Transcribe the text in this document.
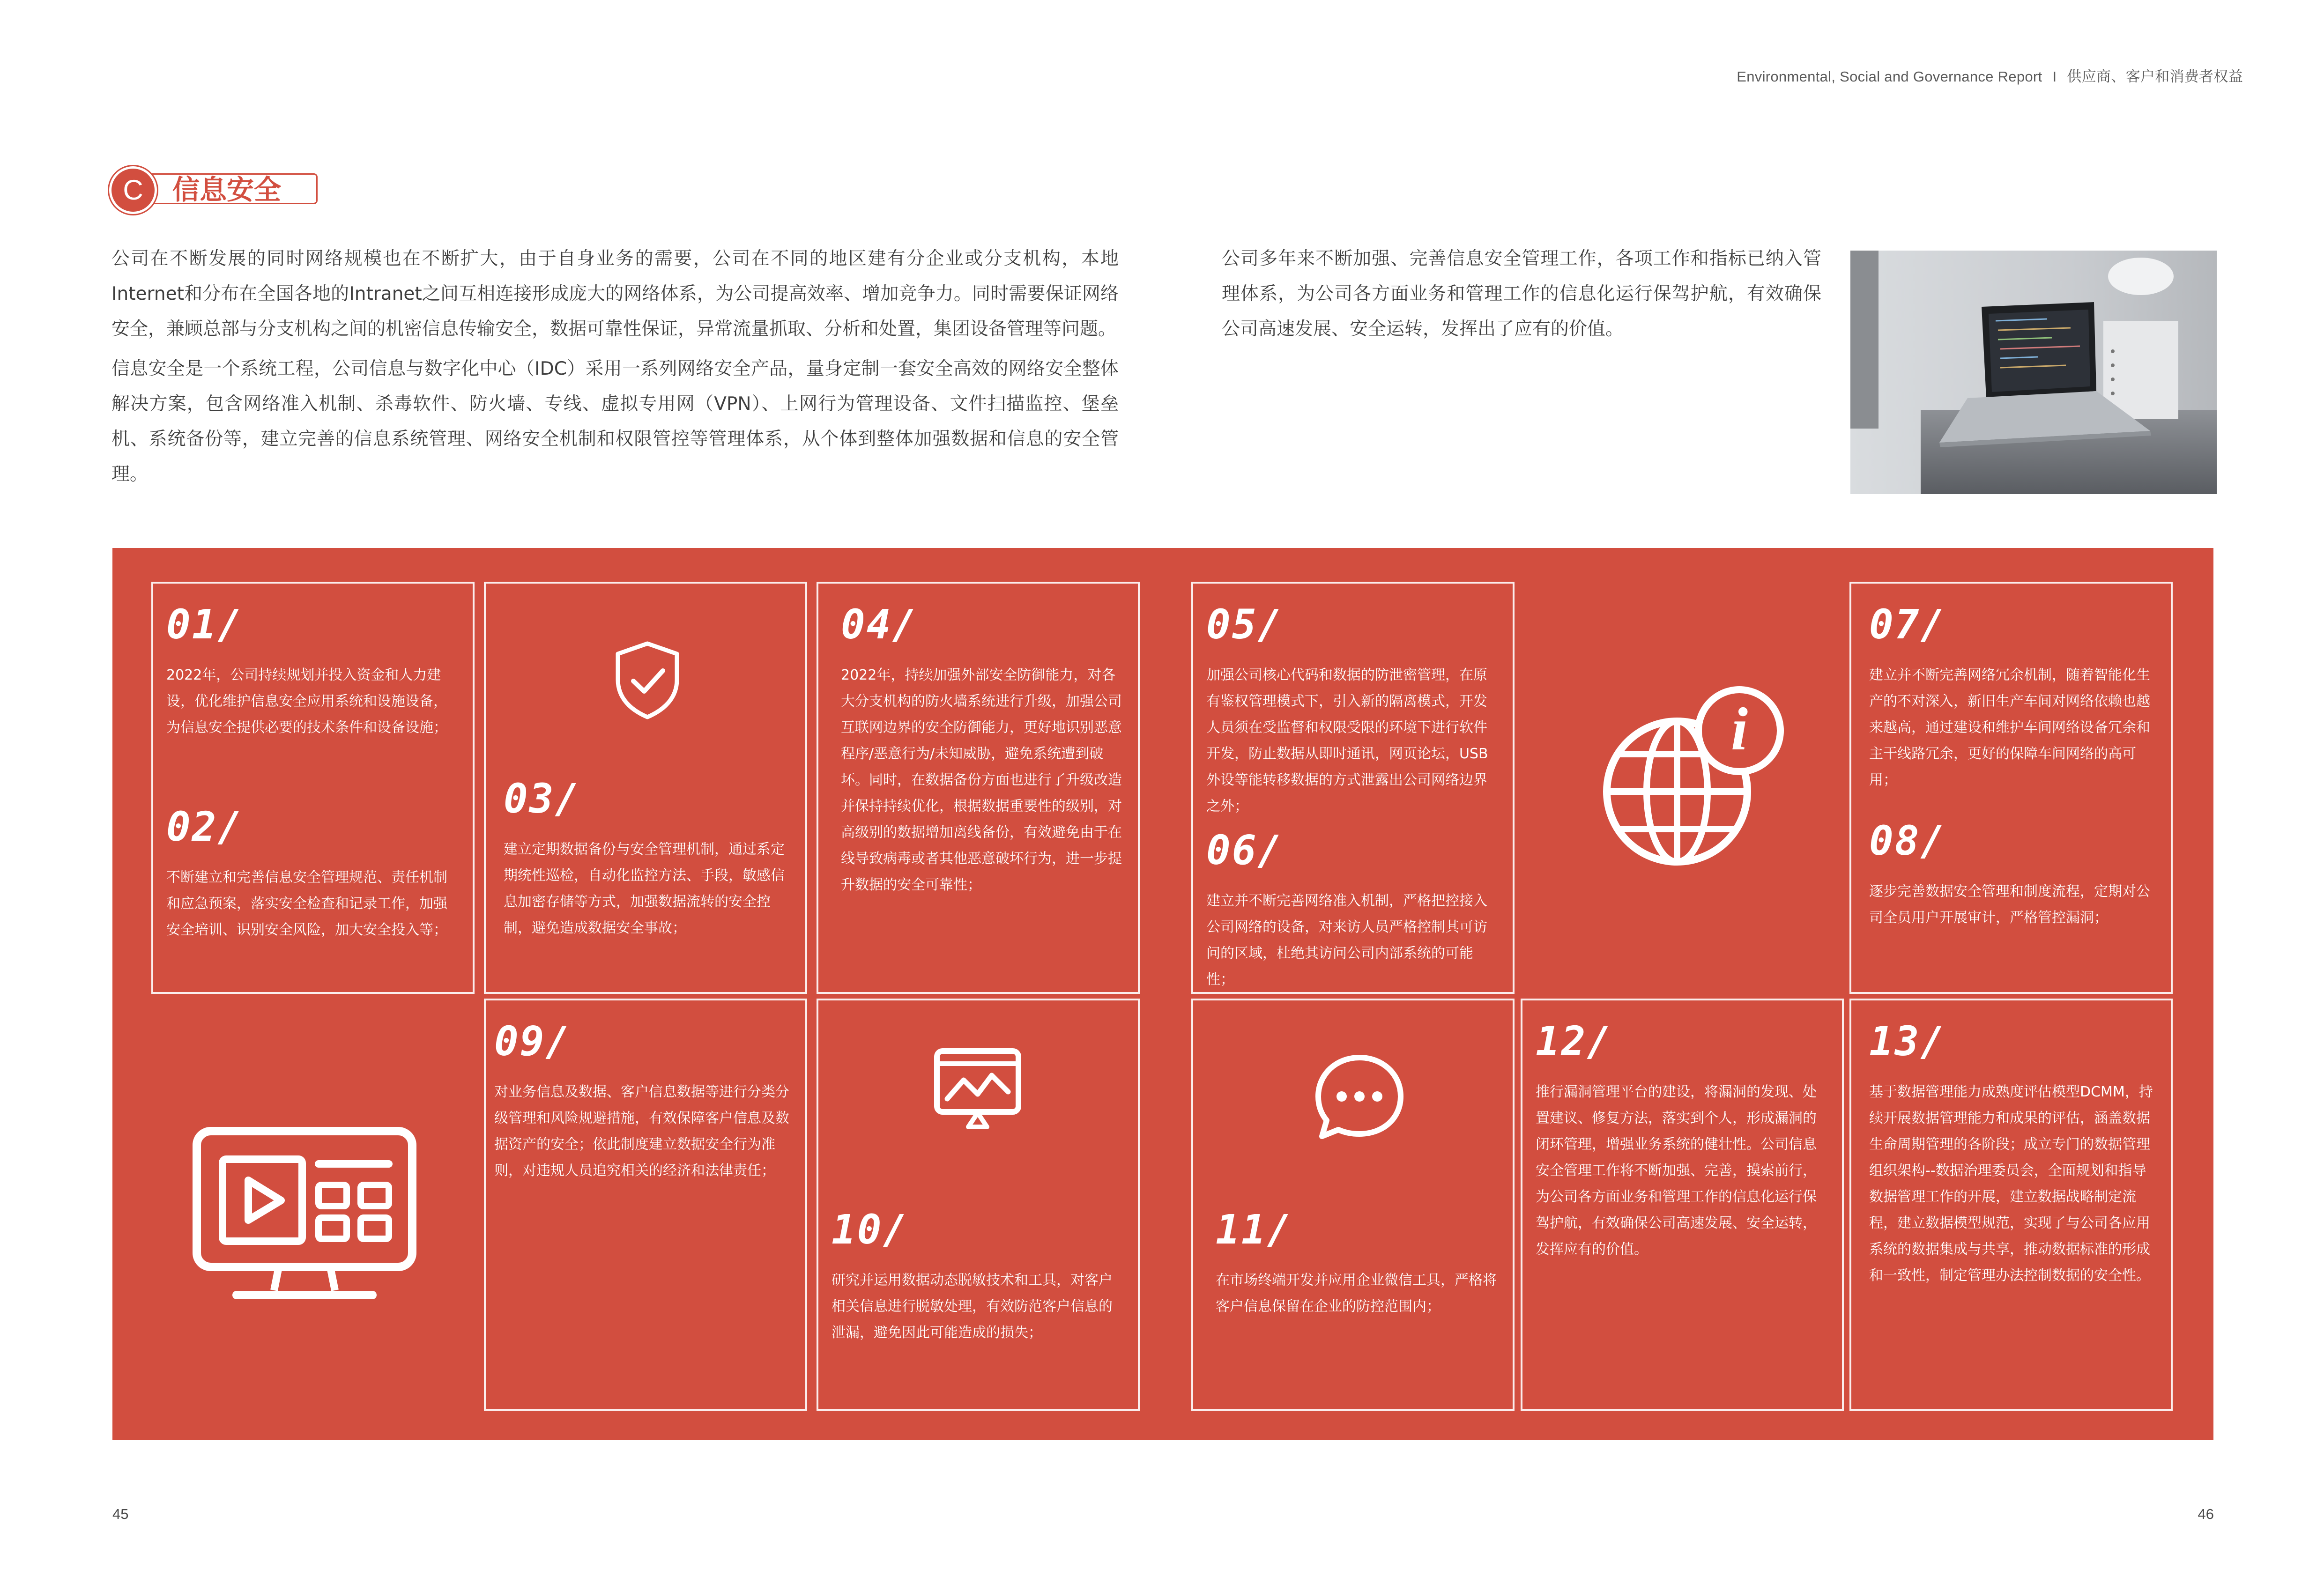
Environmental, Social and Governance Report I 供应商、客户和消费者权益
C	信息安全

公司在不断发展的同时网络规模也在不断扩大，由于自身业务的需要，公司在不同的地区建有分企业或分支机构，本地Internet和分布在全国各地的Intranet之间互相连接形成庞大的网络体系，为公司提高效率、增加竞争力。同时需要保证网络安全，兼顾总部与分支机构之间的机密信息传输安全，数据可靠性保证，异常流量抓取、分析和处置，集团设备管理等问题。

信息安全是一个系统工程，公司信息与数字化中心（IDC）采用一系列网络安全产品，量身定制一套安全高效的网络安全整体解决方案，包含网络准入机制、杀毒软件、防火墙、专线、虚拟专用网（VPN）、上网行为管理设备、文件扫描监控、堡垒机、系统备份等，建立完善的信息系统管理、网络安全机制和权限管控等管理体系，从个体到整体加强数据和信息的安全管理。

公司多年来不断加强、完善信息安全管理工作，各项工作和指标已纳入管理体系，为公司各方面业务和管理工作的信息化运行保驾护航，有效确保公司高速发展、安全运转，发挥出了应有的价值。

01/
2022年，公司持续规划并投入资金和人力建设，优化维护信息安全应用系统和设施设备，为信息安全提供必要的技术条件和设备设施；
02/
不断建立和完善信息安全管理规范、责任机制和应急预案，落实安全检查和记录工作，加强安全培训、识别安全风险，加大安全投入等；
03/
建立定期数据备份与安全管理机制，通过系定期统性巡检，自动化监控方法、手段，敏感信息加密存储等方式，加强数据流转的安全控制，避免造成数据安全事故；
04/
2022年，持续加强外部安全防御能力，对各大分支机构的防火墙系统进行升级，加强公司互联网边界的安全防御能力，更好地识别恶意程序/恶意行为/未知威胁，避免系统遭到破坏。同时，在数据备份方面也进行了升级改造并保持持续优化，根据数据重要性的级别，对高级别的数据增加离线备份，有效避免由于在线导致病毒或者其他恶意破坏行为，进一步提升数据的安全可靠性；
05/
加强公司核心代码和数据的防泄密管理，在原有鉴权管理模式下，引入新的隔离模式，开发人员须在受监督和权限受限的环境下进行软件开发，防止数据从即时通讯，网页论坛，USB外设等能转移数据的方式泄露出公司网络边界之外；
06/
建立并不断完善网络准入机制，严格把控接入公司网络的设备，对来访人员严格控制其可访问的区域，杜绝其访问公司内部系统的可能性；
i
07/
建立并不断完善网络冗余机制，随着智能化生产的不对深入，新旧生产车间对网络依赖也越来越高，通过建设和维护车间网络设备冗余和主干线路冗余，更好的保障车间网络的高可用；
08/
逐步完善数据安全管理和制度流程，定期对公司全员用户开展审计，严格管控漏洞；
09/
对业务信息及数据、客户信息数据等进行分类分级管理和风险规避措施，有效保障客户信息及数据资产的安全；依此制度建立数据安全行为准则，对违规人员追究相关的经济和法律责任；
10/
研究并运用数据动态脱敏技术和工具，对客户相关信息进行脱敏处理，有效防范客户信息的泄漏，避免因此可能造成的损失；
11/
在市场终端开发并应用企业微信工具，严格将客户信息保留在企业的防控范围内；
12/
推行漏洞管理平台的建设，将漏洞的发现、处置建议、修复方法，落实到个人，形成漏洞的闭环管理，增强业务系统的健壮性。公司信息安全管理工作将不断加强、完善，摸索前行，为公司各方面业务和管理工作的信息化运行保驾护航，有效确保公司高速发展、安全运转，发挥应有的价值。
13/
基于数据管理能力成熟度评估模型DCMM，持续开展数据管理能力和成果的评估，涵盖数据生命周期管理的各阶段；成立专门的数据管理组织架构--数据治理委员会，全面规划和指导数据管理工作的开展，建立数据战略制定流程，建立数据模型规范，实现了与公司各应用系统的数据集成与共享，推动数据标准的形成和一致性，制定管理办法控制数据的安全性。
45	46
